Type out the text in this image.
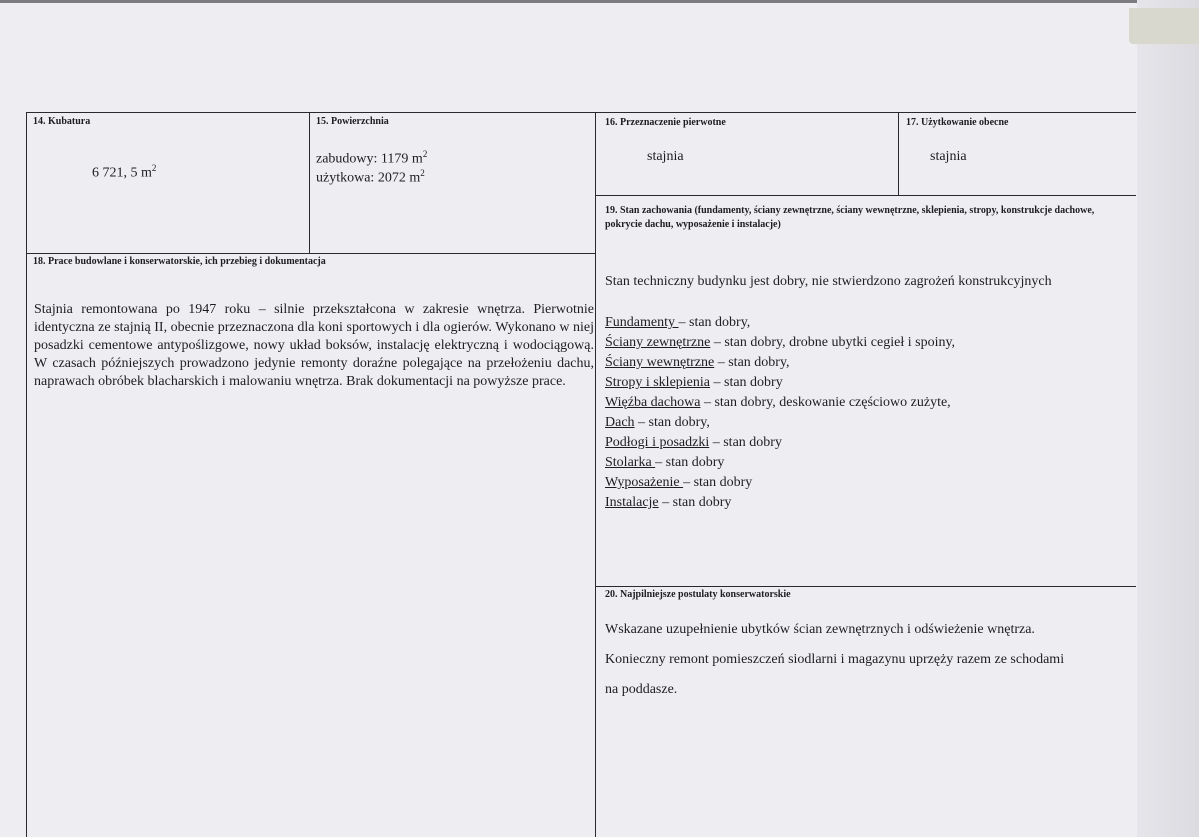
14. Kubatura
6 721, 5 $m^2$
15. Powierzchnia
zabudowy: 1179 $m^2$
użytkowa: 2072 $m^2$
16. Przeznaczenie pierwotne
stajnia
17. Użytkowanie obecne
stajnia
18. Prace budowlane i konserwatorskie, ich przebieg i dokumentacja
Stajnia remontowana po 1947 roku – silnie przekształcona w zakresie wnętrza. Pierwotnie identyczna ze stajnią II, obecnie przeznaczona dla koni sportowych i dla ogierów. Wykonano w niej posadzki cementowe antypoślizgowe, nowy układ boksów, instalację elektryczną i wodociągową. W czasach późniejszych prowadzono jedynie remonty doraźne polegające na przełożeniu dachu, naprawach obróbek blacharskich i malowaniu wnętrza. Brak dokumentacji na powyższe prace.
19. Stan zachowania (fundamenty, ściany zewnętrzne, ściany wewnętrzne, sklepienia, stropy, konstrukcje dachowe, pokrycie dachu, wyposażenie i instalacje)
Stan techniczny budynku jest dobry, nie stwierdzono zagrożeń konstrukcyjnych
Fundamenty – stan dobry,
Ściany zewnętrzne – stan dobry, drobne ubytki cegieł i spoiny,
Ściany wewnętrzne – stan dobry,
Stropy i sklepienia – stan dobry
Więźba dachowa – stan dobry, deskowanie częściowo zużyte,
Dach – stan dobry,
Podłogi i posadzki – stan dobry
Stolarka – stan dobry
Wyposażenie – stan dobry
Instalacje – stan dobry
20. Najpilniejsze postulaty konserwatorskie
Wskazane uzupełnienie ubytków ścian zewnętrznych i odświeżenie wnętrza.
Konieczny remont pomieszczeń siodlarni i magazynu uprzęży razem ze schodami
na poddasze.
